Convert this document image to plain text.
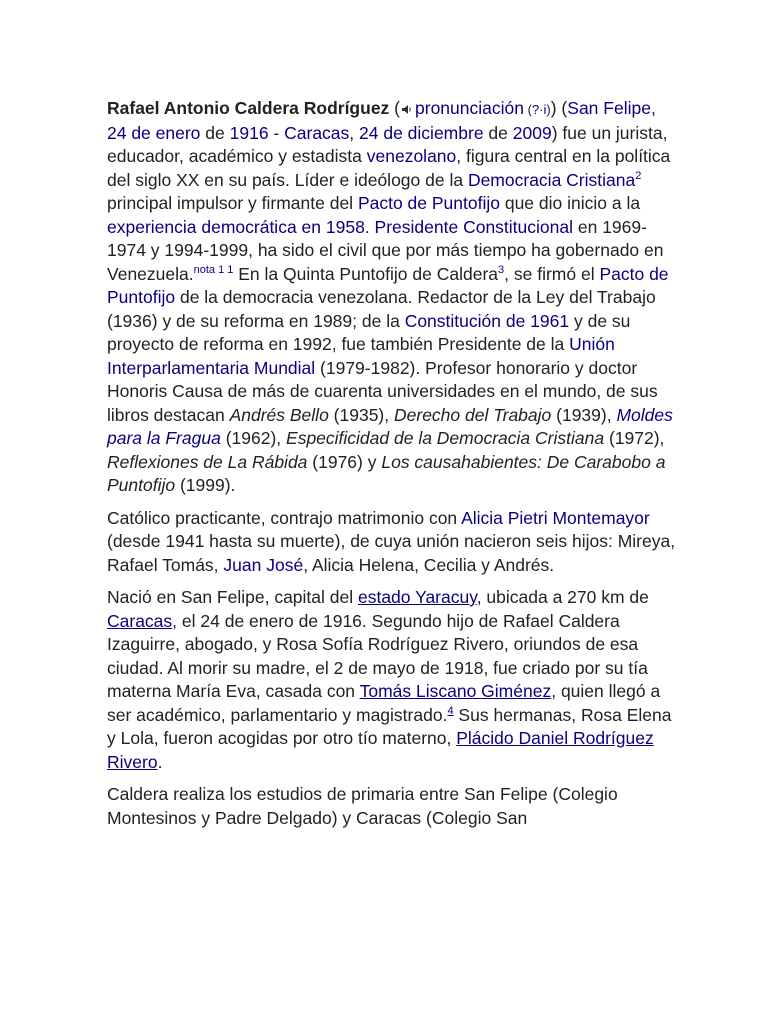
Rafael Antonio Caldera Rodríguez ( pronunciación (?·i)) (San Felipe, 24 de enero de 1916 - Caracas, 24 de diciembre de 2009) fue un jurista, educador, académico y estadista venezolano, figura central en la política del siglo XX en su país. Líder e ideólogo de la Democracia Cristiana$^2$ principal impulsor y firmante del Pacto de Puntofijo que dio inicio a la experiencia democrática en 1958. Presidente Constitucional en 1969-1974 y 1994-1999, ha sido el civil que por más tiempo ha gobernado en Venezuela.$^{nota 1 1}$ En la Quinta Puntofijo de Caldera$^3$, se firmó el Pacto de Puntofijo de la democracia venezolana. Redactor de la Ley del Trabajo (1936) y de su reforma en 1989; de la Constitución de 1961 y de su proyecto de reforma en 1992, fue también Presidente de la Unión Interparlamentaria Mundial (1979-1982). Profesor honorario y doctor Honoris Causa de más de cuarenta universidades en el mundo, de sus libros destacan Andrés Bello (1935), Derecho del Trabajo (1939), Moldes para la Fragua (1962), Especificidad de la Democracia Cristiana (1972), Reflexiones de La Rábida (1976) y Los causahabientes: De Carabobo a Puntofijo (1999).

Católico practicante, contrajo matrimonio con Alicia Pietri Montemayor (desde 1941 hasta su muerte), de cuya unión nacieron seis hijos: Mireya, Rafael Tomás, Juan José, Alicia Helena, Cecilia y Andrés.

Nació en San Felipe, capital del estado Yaracuy, ubicada a 270 km de Caracas, el 24 de enero de 1916. Segundo hijo de Rafael Caldera Izaguirre, abogado, y Rosa Sofía Rodríguez Rivero, oriundos de esa ciudad. Al morir su madre, el 2 de mayo de 1918, fue criado por su tía materna María Eva, casada con Tomás Liscano Giménez, quien llegó a ser académico, parlamentario y magistrado.$^4$ Sus hermanas, Rosa Elena y Lola, fueron acogidas por otro tío materno, Plácido Daniel Rodríguez Rivero.

Caldera realiza los estudios de primaria entre San Felipe (Colegio Montesinos y Padre Delgado) y Caracas (Colegio San
